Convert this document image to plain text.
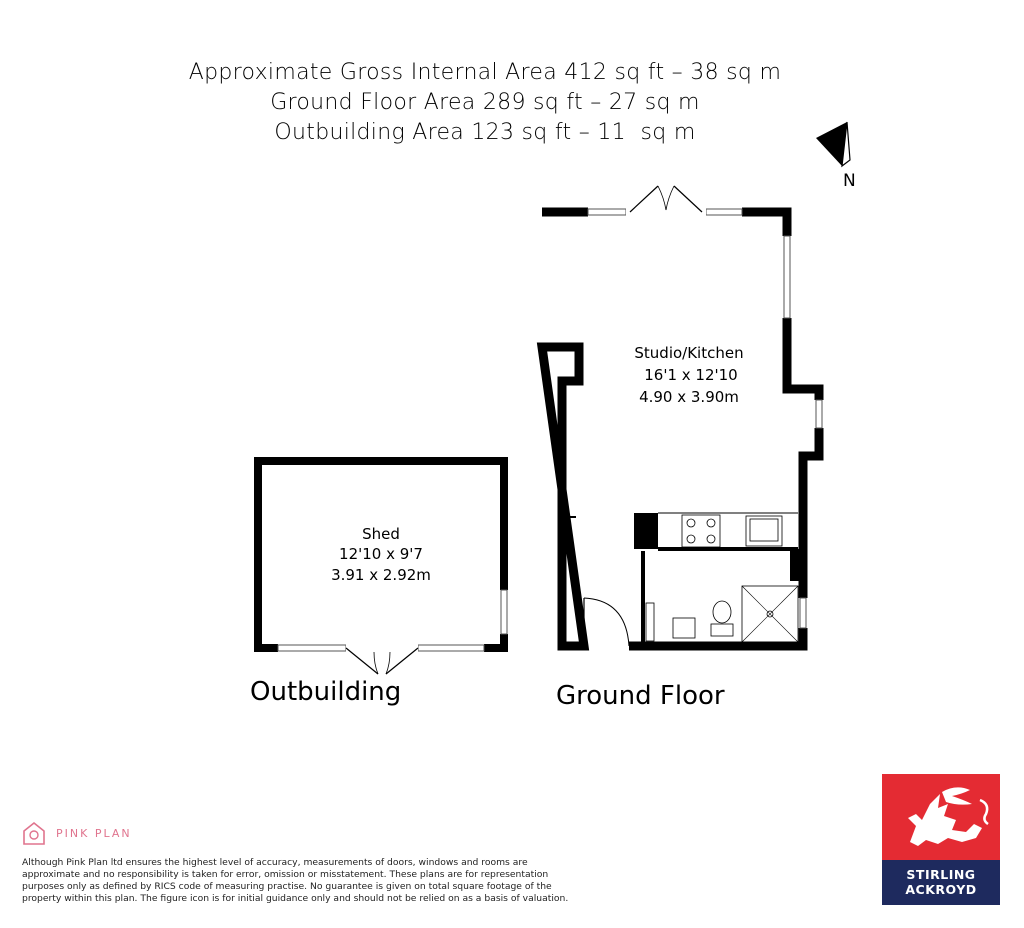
Approximate Gross Internal Area 412 sq ft – 38 sq m
Ground Floor Area 289 sq ft – 27 sq m
Outbuilding Area 123 sq ft – 11  sq m
N
Shed
12'10 x 9'7
3.91 x 2.92m
Outbuilding
Studio/Kitchen
16'1 x 12'10
4.90 x 3.90m
Ground Floor
PINK PLAN
Although Pink Plan ltd ensures the highest level of accuracy, measurements of doors, windows and rooms are approximate and no responsibility is taken for error, omission or misstatement. These plans are for representation purposes only as defined by RICS code of measuring practise. No guarantee is given on total square footage of the property within this plan. The figure icon is for initial guidance only and should not be relied on as a basis of valuation.
STIRLING
ACKROYD
